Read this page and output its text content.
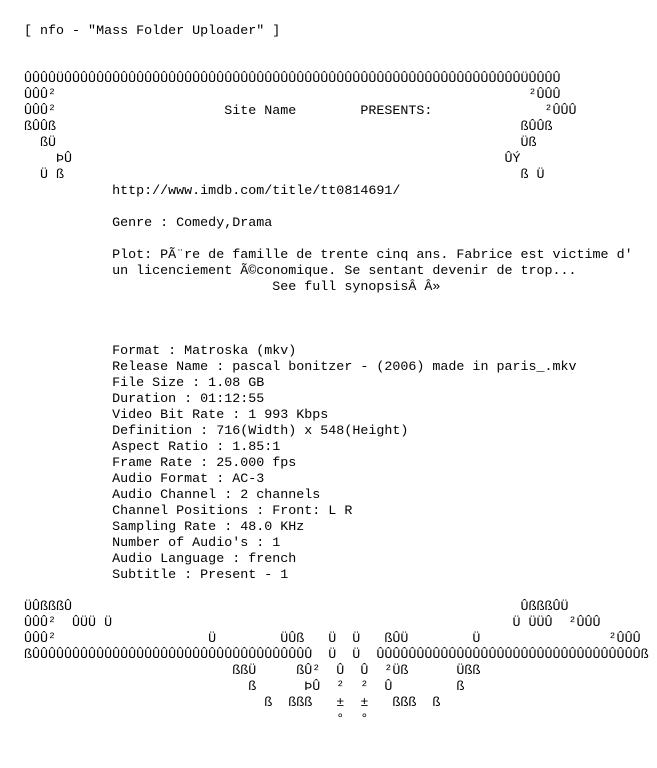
[ nfo - "Mass Folder Uploader" ]

ÛÛÛÛÜÛÛÛÛÛÛÛÛÛÛÛÛÛÛÛÛÛÛÛÛÛÛÛÛÛÛÛÛÛÛÛÛÛÛÛÛÛÛÛÛÛÛÛÛÛÛÛÛÛÛÛÛÛÛÛÛÛÜÛÛÛÛ
ÛÛÛ²                                                           ²ÛÛÛ
ÛÛÛ²                     Site Name        PRESENTS:              ²ÛÛÛ
ßÛÛß                                                          ßÛÛß
ßÜ                                                          Üß
ÞÛ                                                      ÛÝ
Ü ß                                                         ß Ü
http://www.imdb.com/title/tt0814691/

Genre : Comedy,Drama

Plot: PÃ¨re de famille de trente cinq ans. Fabrice est victime d'
un licenciement Ã©conomique. Se sentant devenir de trop...
See full synopsisÂ Â»

Format : Matroska (mkv)
Release Name : pascal bonitzer - (2006) made in paris_.mkv
File Size : 1.08 GB
Duration : 01:12:55
Video Bit Rate : 1 993 Kbps
Definition : 716(Width) x 548(Height)
Aspect Ratio : 1.85:1
Frame Rate : 25.000 fps
Audio Format : AC-3
Audio Channel : 2 channels
Channel Positions : Front: L R
Sampling Rate : 48.0 KHz
Number of Audio's : 1
Audio Language : french
Subtitle : Present - 1

ÜÛßßßÛ                                                        ÛßßßÛÜ
ÛÛÛ²  ÛÜÜ Ü                                                  Ü ÜÜÛ  ²ÛÛÛ
ÛÛÛ²                   Ü        ÜÛß   Ü  Ü   ßÛÜ        Ü                ²ÛÛÛ
ßÛÛÛÛÛÛÛÛÛÛÛÛÛÛÛÛÛÛÛÛÛÛÛÛÛÛÛÛÛÛÛÛÛÛÛ  Ü  Ü  ÛÛÛÛÛÛÛÛÛÛÛÛÛÛÛÛÛÛÛÛÛÛÛÛÛÛÛÛÛÛÛÛÛß
ßßÜ     ßÛ²  Û  Û  ²Üß      Üßß
ß      ÞÛ  ²  ²  Û        ß
ß  ßßß   ±  ±   ßßß  ß
°  °
